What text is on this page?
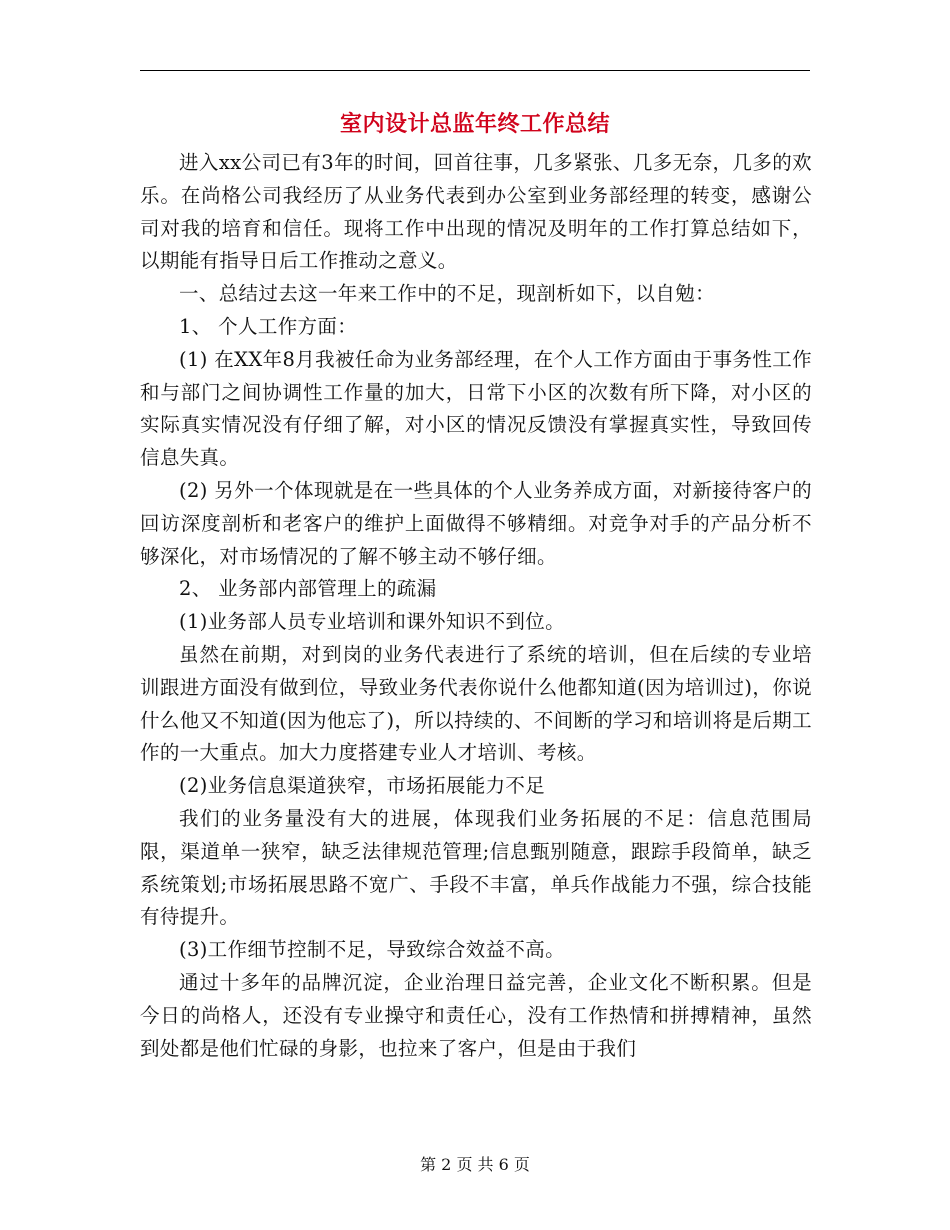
室内设计总监年终工作总结

进入xx公司已有3年的时间，回首往事，几多紧张、几多无奈，几多的欢乐。在尚格公司我经历了从业务代表到办公室到业务部经理的转变，感谢公司对我的培育和信任。现将工作中出现的情况及明年的工作打算总结如下，以期能有指导日后工作推动之意义。

一、总结过去这一年来工作中的不足，现剖析如下，以自勉：

1、 个人工作方面：

(1) 在XX年8月我被任命为业务部经理，在个人工作方面由于事务性工作和与部门之间协调性工作量的加大，日常下小区的次数有所下降，对小区的实际真实情况没有仔细了解，对小区的情况反馈没有掌握真实性，导致回传信息失真。

(2) 另外一个体现就是在一些具体的个人业务养成方面，对新接待客户的回访深度剖析和老客户的维护上面做得不够精细。对竞争对手的产品分析不够深化，对市场情况的了解不够主动不够仔细。

2、 业务部内部管理上的疏漏

(1)业务部人员专业培训和课外知识不到位。

虽然在前期，对到岗的业务代表进行了系统的培训，但在后续的专业培训跟进方面没有做到位，导致业务代表你说什么他都知道(因为培训过)，你说什么他又不知道(因为他忘了)，所以持续的、不间断的学习和培训将是后期工作的一大重点。加大力度搭建专业人才培训、考核。

(2)业务信息渠道狭窄，市场拓展能力不足

我们的业务量没有大的进展，体现我们业务拓展的不足：信息范围局限，渠道单一狭窄，缺乏法律规范管理;信息甄别随意，跟踪手段简单，缺乏系统策划;市场拓展思路不宽广、手段不丰富，单兵作战能力不强，综合技能有待提升。

(3)工作细节控制不足，导致综合效益不高。

通过十多年的品牌沉淀，企业治理日益完善，企业文化不断积累。但是今日的尚格人，还没有专业操守和责任心，没有工作热情和拼搏精神，虽然到处都是他们忙碌的身影，也拉来了客户，但是由于我们

第 2 页 共 6 页
